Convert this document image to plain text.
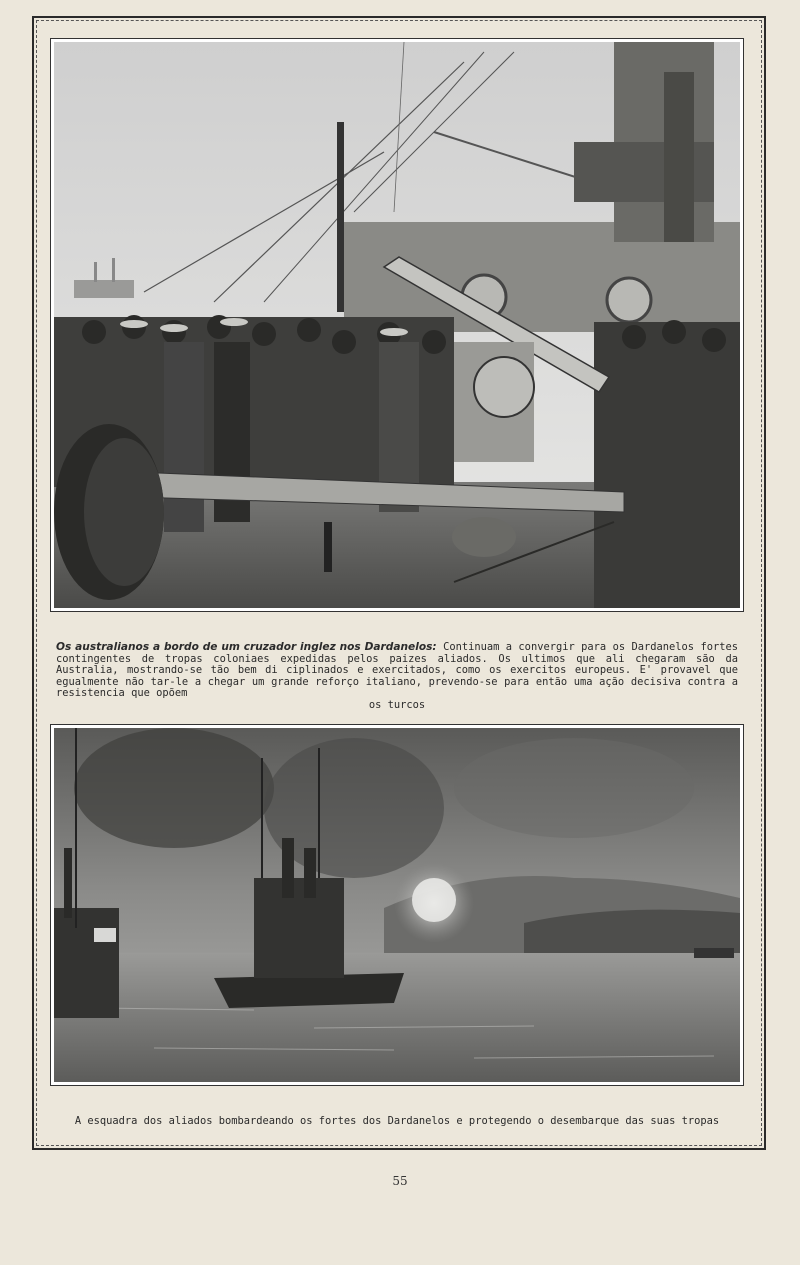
Os australianos a bordo de um cruzador inglez nos Dardanelos: Continuam a convergir para os Dardanelos fortes contingentes de tropas coloniaes expedidas pelos paizes aliados. Os ultimos que ali chegaram são da Australia, mostrando-se tão bem di ciplinados e exercitados, como os exercitos europeus. E' provavel que egualmente não tar-le a chegar um grande reforço italiano, prevendo-se para então uma ação decisiva contra a resistencia que opõem
os turcos
A esquadra dos aliados bombardeando os fortes dos Dardanelos e protegendo o desembarque das suas tropas
55
